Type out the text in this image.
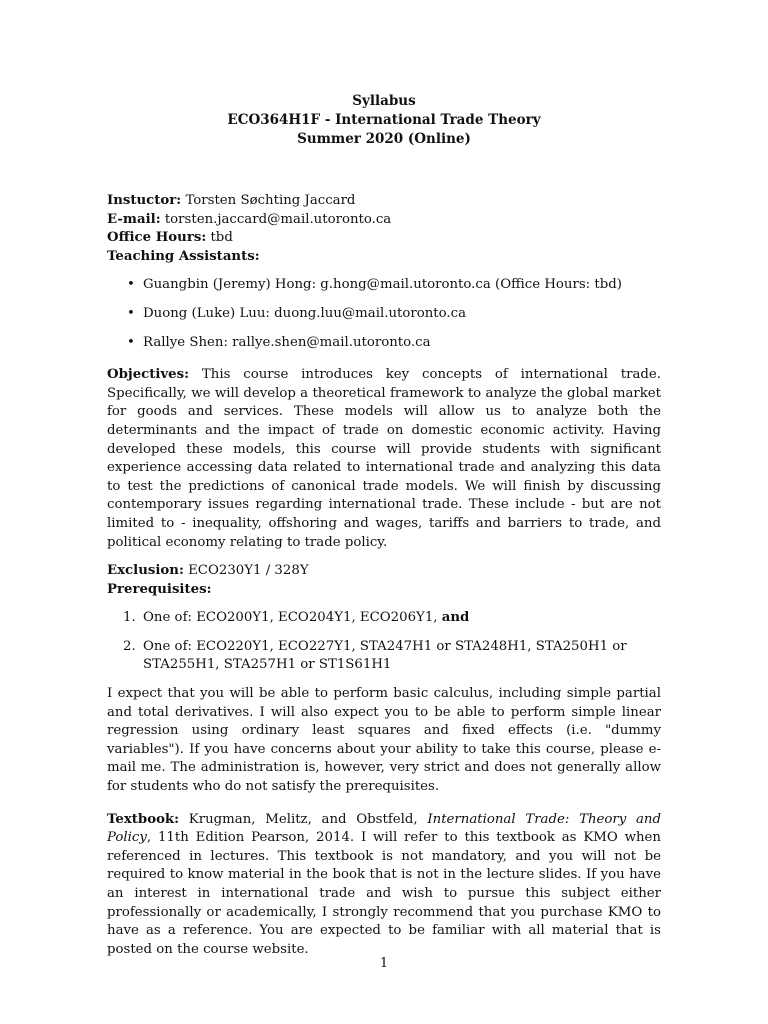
Syllabus
ECO364H1F - International Trade Theory
Summer 2020 (Online)

Instuctor: Torsten Søchting Jaccard

E-mail: torsten.jaccard@mail.utoronto.ca

Office Hours: tbd

Teaching Assistants:

• Guangbin (Jeremy) Hong: g.hong@mail.utoronto.ca (Office Hours: tbd)
• Duong (Luke) Luu: duong.luu@mail.utoronto.ca
• Rallye Shen: rallye.shen@mail.utoronto.ca

Objectives: This course introduces key concepts of international trade. Specifically, we will develop a theoretical framework to analyze the global market for goods and services. These models will allow us to analyze both the determinants and the impact of trade on domestic economic activity. Having developed these models, this course will provide students with significant experience accessing data related to international trade and analyzing this data to test the predictions of canonical trade models. We will finish by discussing contemporary issues regarding international trade. These include - but are not limited to - inequality, offshoring and wages, tariffs and barriers to trade, and political economy relating to trade policy.

Exclusion: ECO230Y1 / 328Y

Prerequisites:

1. One of: ECO200Y1, ECO204Y1, ECO206Y1, and
2. One of: ECO220Y1, ECO227Y1, STA247H1 or STA248H1, STA250H1 or STA255H1, STA257H1 or ST1S61H1

I expect that you will be able to perform basic calculus, including simple partial and total derivatives. I will also expect you to be able to perform simple linear regression using ordinary least squares and fixed effects (i.e. "dummy variables"). If you have concerns about your ability to take this course, please e-mail me. The administration is, however, very strict and does not generally allow for students who do not satisfy the prerequisites.

Textbook: Krugman, Melitz, and Obstfeld, International Trade: Theory and Policy, 11th Edition Pearson, 2014. I will refer to this textbook as KMO when referenced in lectures. This textbook is not mandatory, and you will not be required to know material in the book that is not in the lecture slides. If you have an interest in international trade and wish to pursue this subject either professionally or academically, I strongly recommend that you purchase KMO to have as a reference. You are expected to be familiar with all material that is posted on the course website.

1
